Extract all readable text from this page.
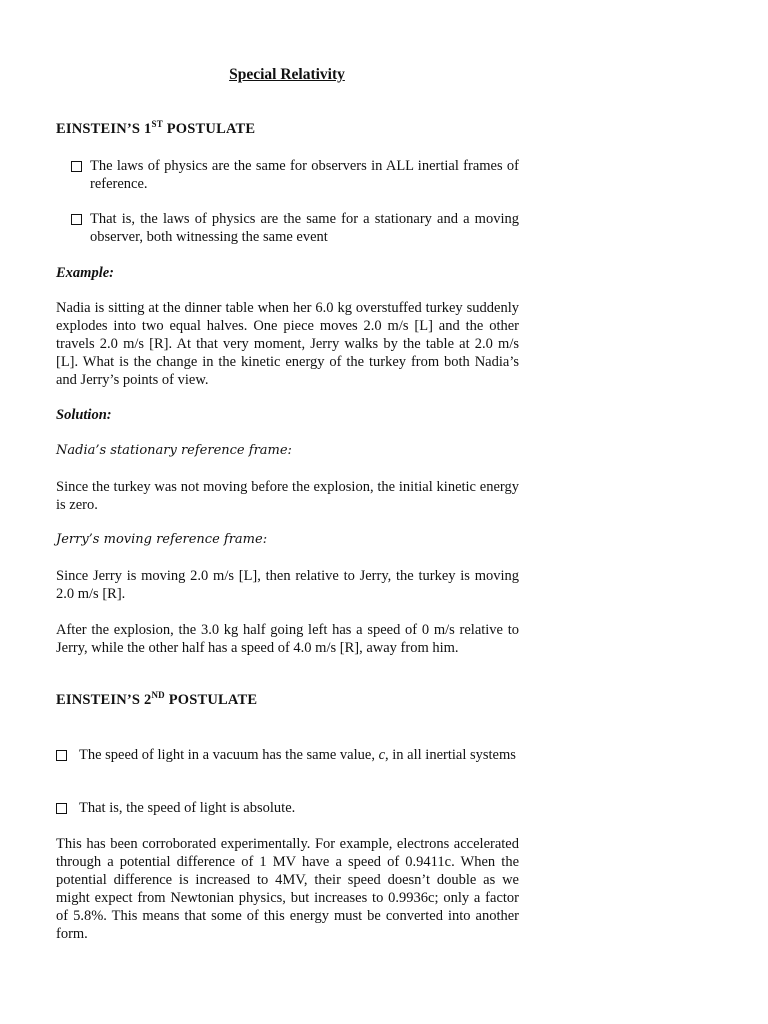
Special Relativity
EINSTEIN’S 1ST POSTULATE
The laws of physics are the same for observers in ALL inertial frames of reference.
That is, the laws of physics are the same for a stationary and a moving observer, both witnessing the same event
Example:
Nadia is sitting at the dinner table when her 6.0 kg overstuffed turkey suddenly explodes into two equal halves. One piece moves 2.0 m/s [L] and the other travels 2.0 m/s [R]. At that very moment, Jerry walks by the table at 2.0 m/s [L]. What is the change in the kinetic energy of the turkey from both Nadia’s and Jerry’s points of view.
Solution:
Nadia’s stationary reference frame:
Since the turkey was not moving before the explosion, the initial kinetic energy is zero.
Jerry’s moving reference frame:
Since Jerry is moving 2.0 m/s [L], then relative to Jerry, the turkey is moving 2.0 m/s [R].
After the explosion, the 3.0 kg half going left has a speed of 0 m/s relative to Jerry, while the other half has a speed of 4.0 m/s [R], away from him.
EINSTEIN’S 2ND POSTULATE
The speed of light in a vacuum has the same value, c, in all inertial systems
That is, the speed of light is absolute.
This has been corroborated experimentally. For example, electrons accelerated through a potential difference of 1 MV have a speed of 0.9411c. When the potential difference is increased to 4MV, their speed doesn’t double as we might expect from Newtonian physics, but increases to 0.9936c; only a factor of 5.8%. This means that some of this energy must be converted into another form.
